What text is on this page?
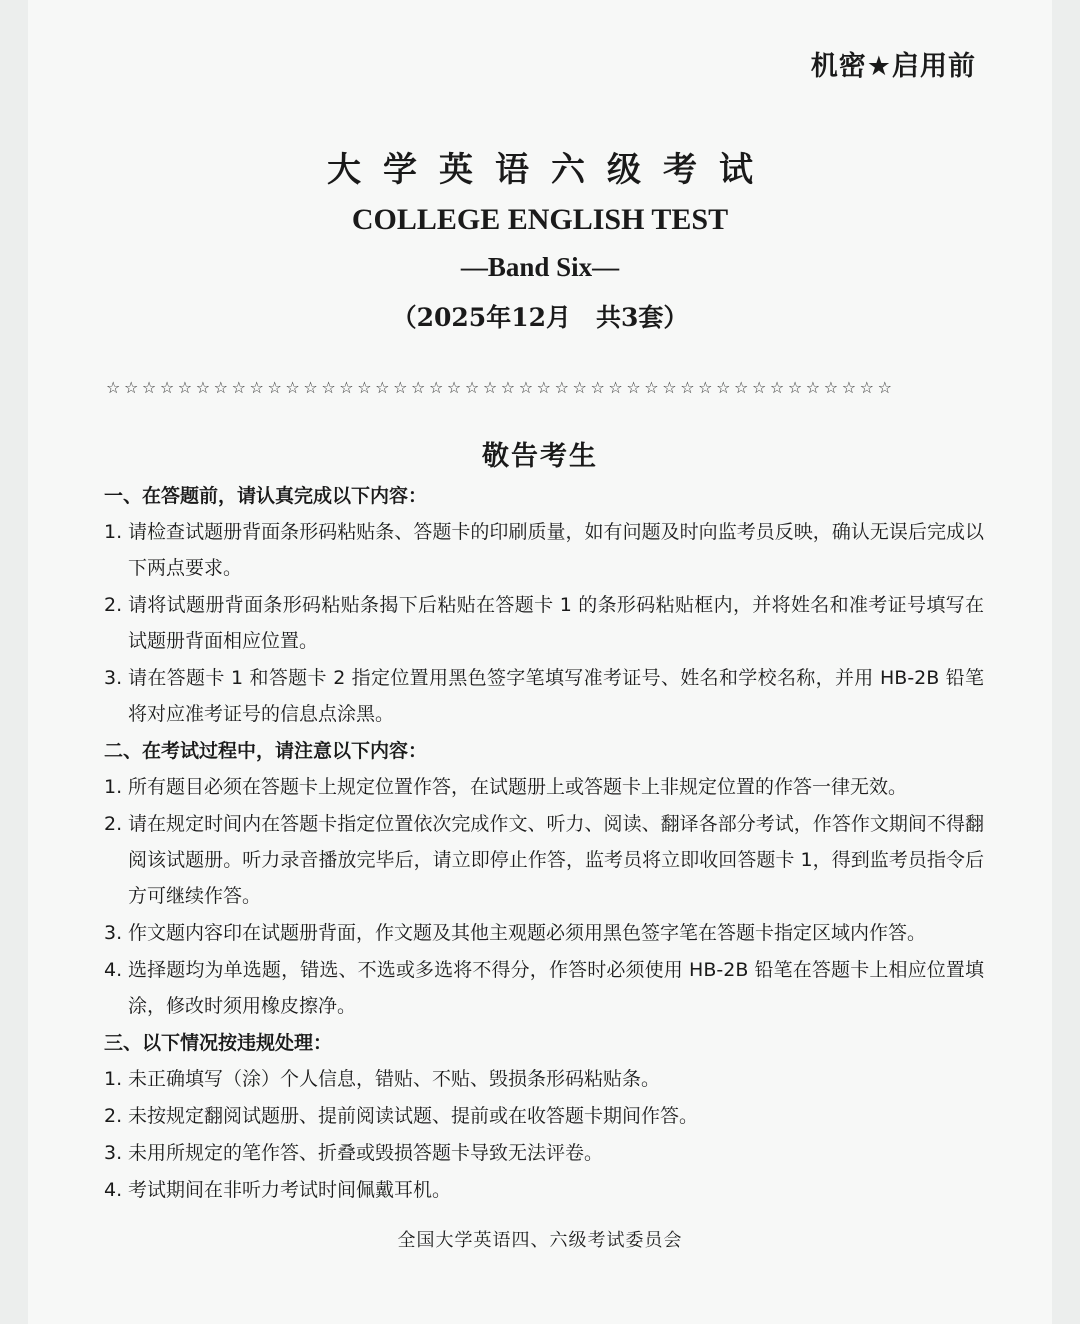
机密★启用前
大学英语六级考试
COLLEGE ENGLISH TEST
—Band Six—
（2025年12月　共3套）
☆☆☆☆☆☆☆☆☆☆☆☆☆☆☆☆☆☆☆☆☆☆☆☆☆☆☆☆☆☆☆☆☆☆☆☆☆☆☆☆☆☆☆☆
敬告考生
一、在答题前，请认真完成以下内容：
1. 请检查试题册背面条形码粘贴条、答题卡的印刷质量，如有问题及时向监考员反映，确认无误后完成以下两点要求。
2. 请将试题册背面条形码粘贴条揭下后粘贴在答题卡 1 的条形码粘贴框内，并将姓名和准考证号填写在试题册背面相应位置。
3. 请在答题卡 1 和答题卡 2 指定位置用黑色签字笔填写准考证号、姓名和学校名称，并用 HB-2B 铅笔将对应准考证号的信息点涂黑。
二、在考试过程中，请注意以下内容：
1. 所有题目必须在答题卡上规定位置作答，在试题册上或答题卡上非规定位置的作答一律无效。
2. 请在规定时间内在答题卡指定位置依次完成作文、听力、阅读、翻译各部分考试，作答作文期间不得翻阅该试题册。听力录音播放完毕后，请立即停止作答，监考员将立即收回答题卡 1，得到监考员指令后方可继续作答。
3. 作文题内容印在试题册背面，作文题及其他主观题必须用黑色签字笔在答题卡指定区域内作答。
4. 选择题均为单选题，错选、不选或多选将不得分，作答时必须使用 HB-2B 铅笔在答题卡上相应位置填涂，修改时须用橡皮擦净。
三、以下情况按违规处理：
1. 未正确填写（涂）个人信息，错贴、不贴、毁损条形码粘贴条。
2. 未按规定翻阅试题册、提前阅读试题、提前或在收答题卡期间作答。
3. 未用所规定的笔作答、折叠或毁损答题卡导致无法评卷。
4. 考试期间在非听力考试时间佩戴耳机。
全国大学英语四、六级考试委员会
